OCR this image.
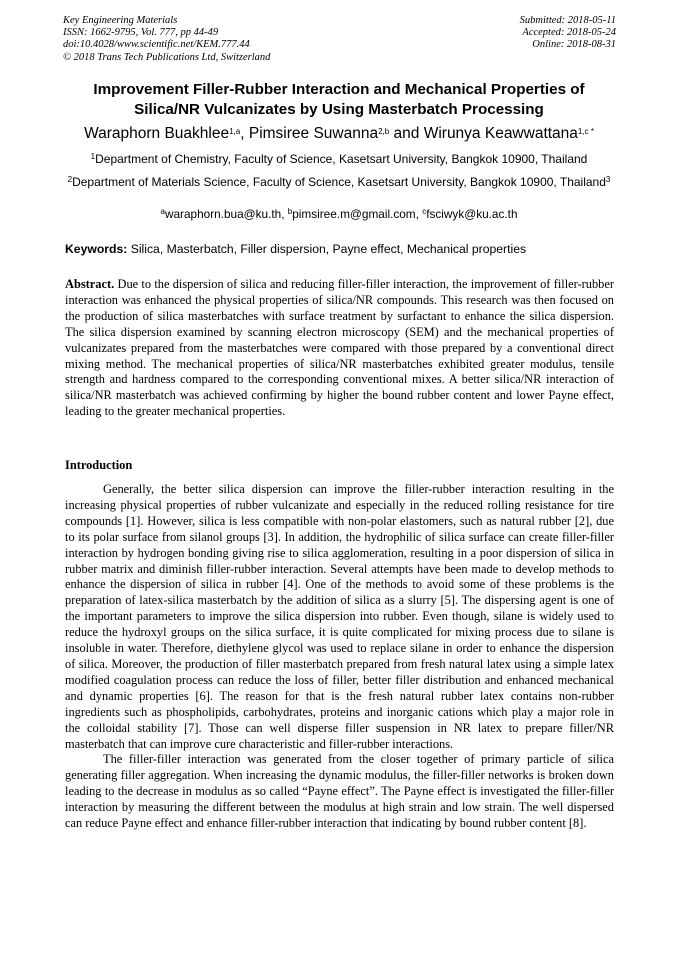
Key Engineering Materials
ISSN: 1662-9795, Vol. 777, pp 44-49
doi:10.4028/www.scientific.net/KEM.777.44
© 2018 Trans Tech Publications Ltd, Switzerland
Submitted: 2018-05-11
Accepted: 2018-05-24
Online: 2018-08-31
Improvement Filler-Rubber Interaction and Mechanical Properties of Silica/NR Vulcanizates by Using Masterbatch Processing
Waraphorn Buakhlee$^{1,a}$, Pimsiree Suwanna$^{2,b}$ and Wirunya Keawwattana$^{1,c *}$
$^1$Department of Chemistry, Faculty of Science, Kasetsart University, Bangkok 10900, Thailand
$^2$Department of Materials Science, Faculty of Science, Kasetsart University, Bangkok 10900, Thailand$^3$
$^a$waraphorn.bua@ku.th, $^b$pimsiree.m@gmail.com, $^c$fsciwyk@ku.ac.th
Keywords: Silica, Masterbatch, Filler dispersion, Payne effect, Mechanical properties

Abstract. Due to the dispersion of silica and reducing filler-filler interaction, the improvement of filler-rubber interaction was enhanced the physical properties of silica/NR compounds. This research was then focused on the production of silica masterbatches with surface treatment by surfactant to enhance the silica dispersion. The silica dispersion examined by scanning electron microscopy (SEM) and the mechanical properties of vulcanizates prepared from the masterbatches were compared with those prepared by a conventional direct mixing method. The mechanical properties of silica/NR masterbatches exhibited greater modulus, tensile strength and hardness compared to the corresponding conventional mixes. A better silica/NR interaction of silica/NR masterbatch was achieved confirming by higher the bound rubber content and lower Payne effect, leading to the greater mechanical properties.

Introduction

Generally, the better silica dispersion can improve the filler-rubber interaction resulting in the increasing physical properties of rubber vulcanizate and especially in the reduced rolling resistance for tire compounds [1]. However, silica is less compatible with non-polar elastomers, such as natural rubber [2], due to its polar surface from silanol groups [3]. In addition, the hydrophilic of silica surface can create filler-filler interaction by hydrogen bonding giving rise to silica agglomeration, resulting in a poor dispersion of silica in rubber matrix and diminish filler-rubber interaction. Several attempts have been made to develop methods to enhance the dispersion of silica in rubber [4]. One of the methods to avoid some of these problems is the preparation of latex-silica masterbatch by the addition of silica as a slurry [5]. The dispersing agent is one of the important parameters to improve the silica dispersion into rubber. Even though, silane is widely used to reduce the hydroxyl groups on the silica surface, it is quite complicated for mixing process due to silane is insoluble in water. Therefore, diethylene glycol was used to replace silane in order to enhance the dispersion of silica. Moreover, the production of filler masterbatch prepared from fresh natural latex using a simple latex modified coagulation process can reduce the loss of filler, better filler distribution and enhanced mechanical and dynamic properties [6]. The reason for that is the fresh natural rubber latex contains non-rubber ingredients such as phospholipids, carbohydrates, proteins and inorganic cations which play a major role in the colloidal stability [7]. Those can well disperse filler suspension in NR latex to prepare filler/NR masterbatch that can improve cure characteristic and filler-rubber interactions.

The filler-filler interaction was generated from the closer together of primary particle of silica generating filler aggregation. When increasing the dynamic modulus, the filler-filler networks is broken down leading to the decrease in modulus as so called “Payne effect”. The Payne effect is investigated the filler-filler interaction by measuring the different between the modulus at high strain and low strain. The well dispersed can reduce Payne effect and enhance filler-rubber interaction that indicating by bound rubber content [8].
